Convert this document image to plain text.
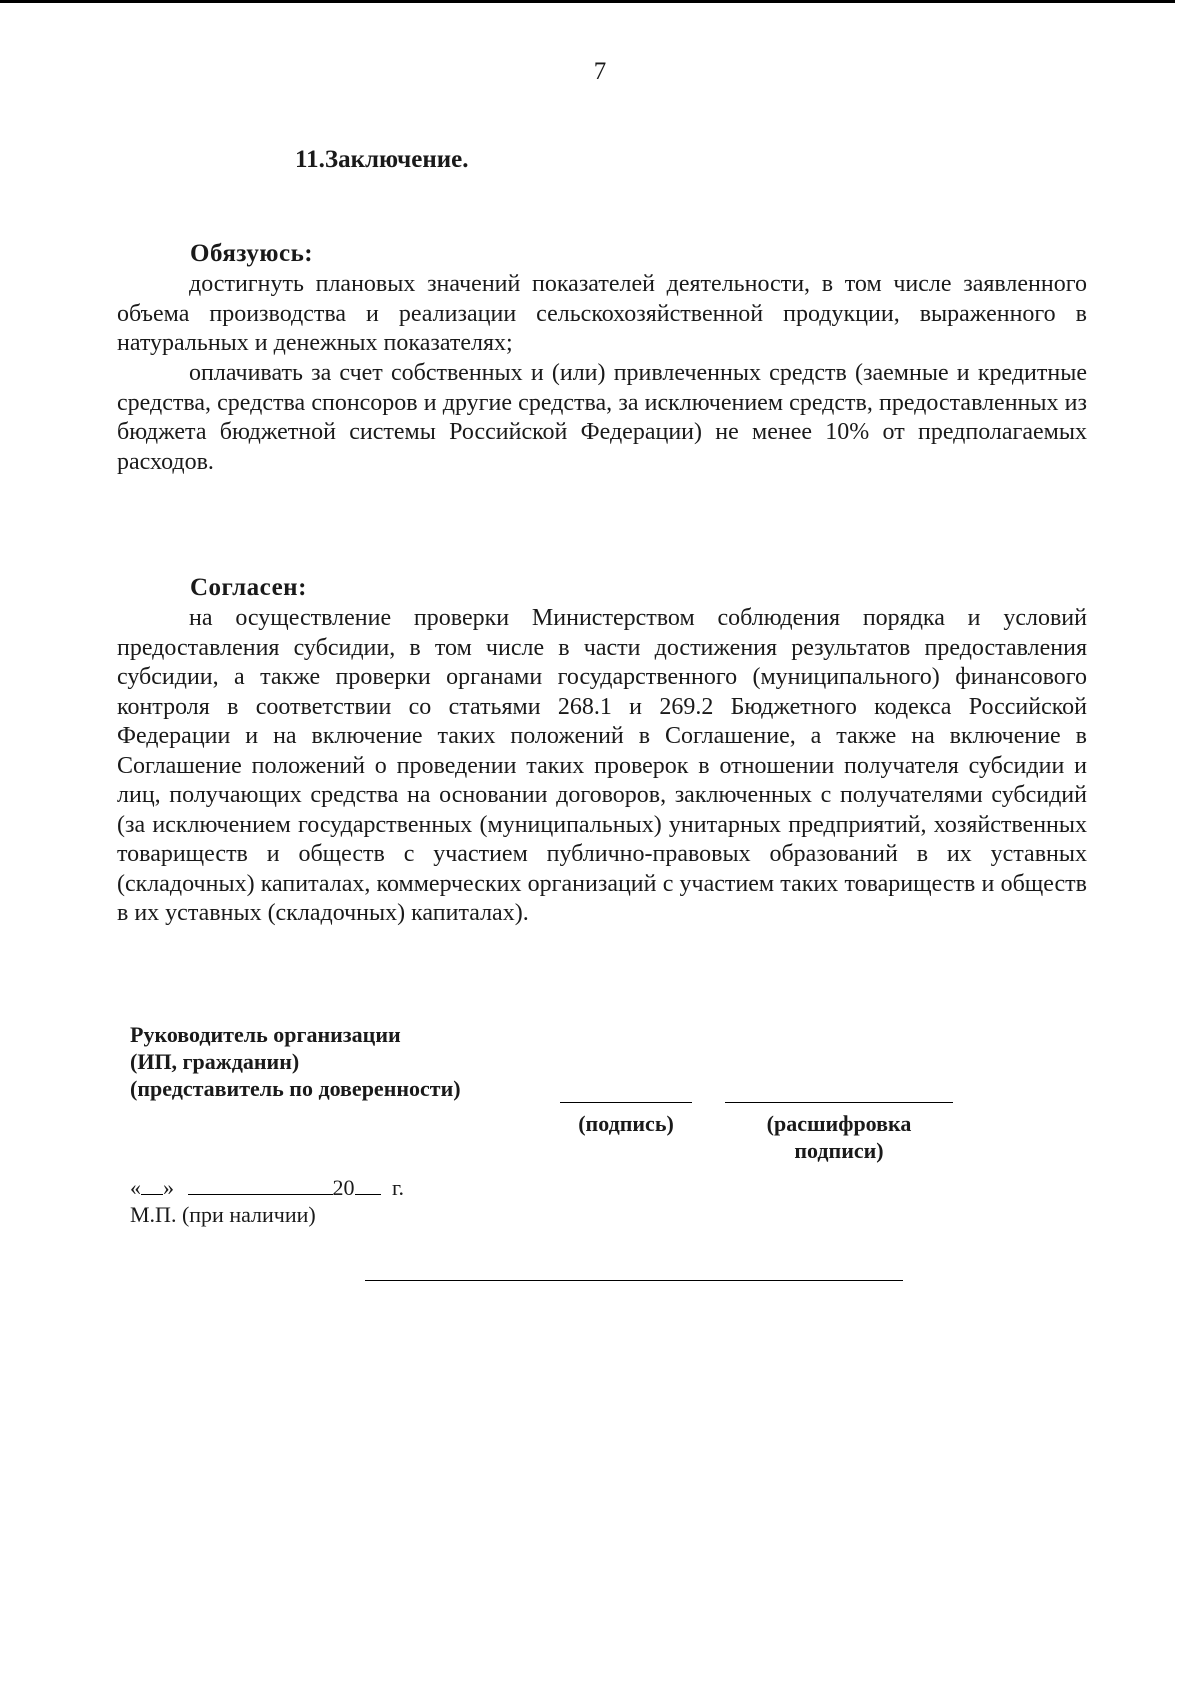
7
11.Заключение.
Обязуюсь:
достигнуть плановых значений показателей деятельности, в том числе заявленного объема производства и реализации сельскохозяйственной продукции, выраженного в натуральных и денежных показателях;
оплачивать за счет собственных и (или) привлеченных средств (заемные и кредитные средства, средства спонсоров и другие средства, за исключением средств, предоставленных из бюджета бюджетной системы Российской Федерации) не менее 10% от предполагаемых расходов.
Согласен:
на осуществление проверки Министерством соблюдения порядка и условий предоставления субсидии, в том числе в части достижения результатов предоставления субсидии, а также проверки органами государственного (муниципального) финансового контроля в соответствии со статьями 268.1 и 269.2 Бюджетного кодекса Российской Федерации и на включение таких положений в Соглашение, а также на включение в Соглашение положений о проведении таких проверок в отношении получателя субсидии и лиц, получающих средства на основании договоров, заключенных с получателями субсидий (за исключением государственных (муниципальных) унитарных предприятий, хозяйственных товариществ и обществ с участием публично-правовых образований в их уставных (складочных) капиталах, коммерческих организаций с участием таких товариществ и обществ в их уставных (складочных) капиталах).
Руководитель организации
(ИП, гражданин)
(представитель по доверенности)
(подпись)	(расшифровка
подписи)
« »	20 г.
М.П. (при наличии)
